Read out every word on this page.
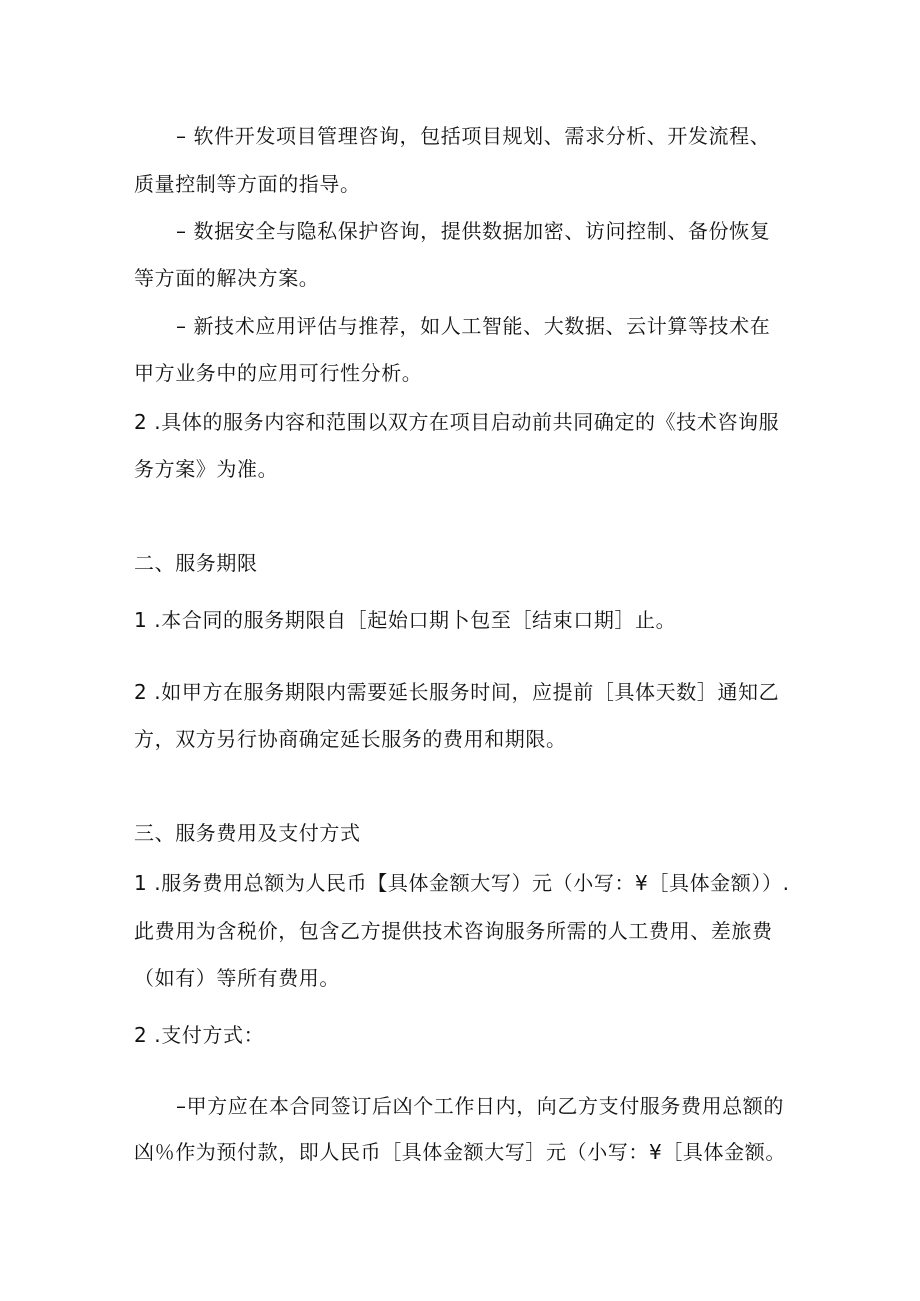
– 软件开发项目管理咨询，包括项目规划、需求分析、开发流程、
质量控制等方面的指导。
– 数据安全与隐私保护咨询，提供数据加密、访问控制、备份恢复
等方面的解决方案。
– 新技术应用评估与推荐，如人工智能、大数据、云计算等技术在
甲方业务中的应用可行性分析。
2 .具体的服务内容和范围以双方在项目启动前共同确定的《技术咨询服
务方案》为准。
二、服务期限
1 .本合同的服务期限自［起始口期卜包至［结束口期］止。
2 .如甲方在服务期限内需要延长服务时间，应提前［具体天数］通知乙
方，双方另行协商确定延长服务的费用和期限。
三、服务费用及支付方式
1 .服务费用总额为人民币【具体金额大写）元（小写：¥［具体金额））.
此费用为含税价，包含乙方提供技术咨询服务所需的人工费用、差旅费
（如有）等所有费用。
2 .支付方式：
–甲方应在本合同签订后凶个工作日内，向乙方支付服务费用总额的
凶％作为预付款，即人民币［具体金额大写］元（小写：¥［具体金额。
